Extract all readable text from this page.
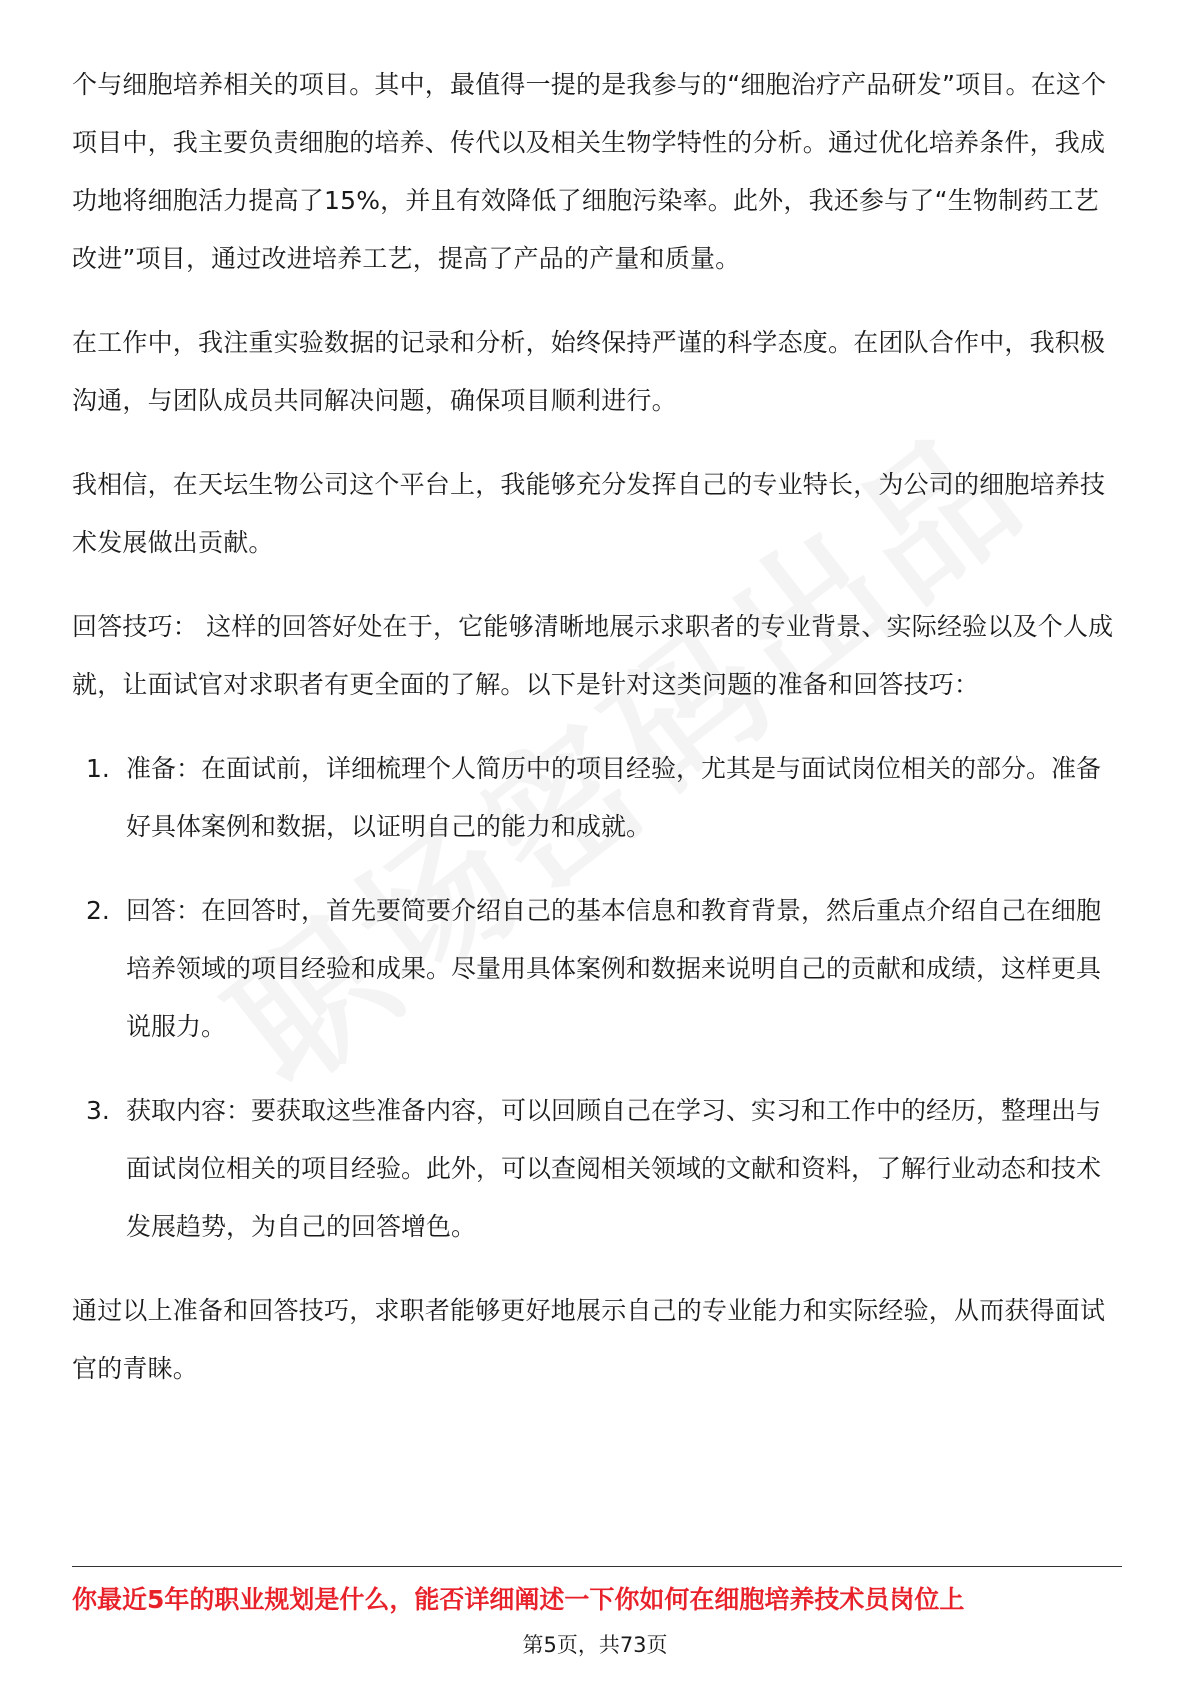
个与细胞培养相关的项目。其中，最值得一提的是我参与的“细胞治疗产品研发”项目。在这个项目中，我主要负责细胞的培养、传代以及相关生物学特性的分析。通过优化培养条件，我成功地将细胞活力提高了15%，并且有效降低了细胞污染率。此外，我还参与了“生物制药工艺改进”项目，通过改进培养工艺，提高了产品的产量和质量。

在工作中，我注重实验数据的记录和分析，始终保持严谨的科学态度。在团队合作中，我积极沟通，与团队成员共同解决问题，确保项目顺利进行。

我相信，在天坛生物公司这个平台上，我能够充分发挥自己的专业特长，为公司的细胞培养技术发展做出贡献。

回答技巧： 这样的回答好处在于，它能够清晰地展示求职者的专业背景、实际经验以及个人成就，让面试官对求职者有更全面的了解。以下是针对这类问题的准备和回答技巧：

1. 准备：在面试前，详细梳理个人简历中的项目经验，尤其是与面试岗位相关的部分。准备好具体案例和数据，以证明自己的能力和成就。
2. 回答：在回答时，首先要简要介绍自己的基本信息和教育背景，然后重点介绍自己在细胞培养领域的项目经验和成果。尽量用具体案例和数据来说明自己的贡献和成绩，这样更具说服力。
3. 获取内容：要获取这些准备内容，可以回顾自己在学习、实习和工作中的经历，整理出与面试岗位相关的项目经验。此外，可以查阅相关领域的文献和资料，了解行业动态和技术发展趋势，为自己的回答增色。

通过以上准备和回答技巧，求职者能够更好地展示自己的专业能力和实际经验，从而获得面试官的青睐。

你最近5年的职业规划是什么，能否详细阐述一下你如何在细胞培养技术员岗位上
第5页，共73页
